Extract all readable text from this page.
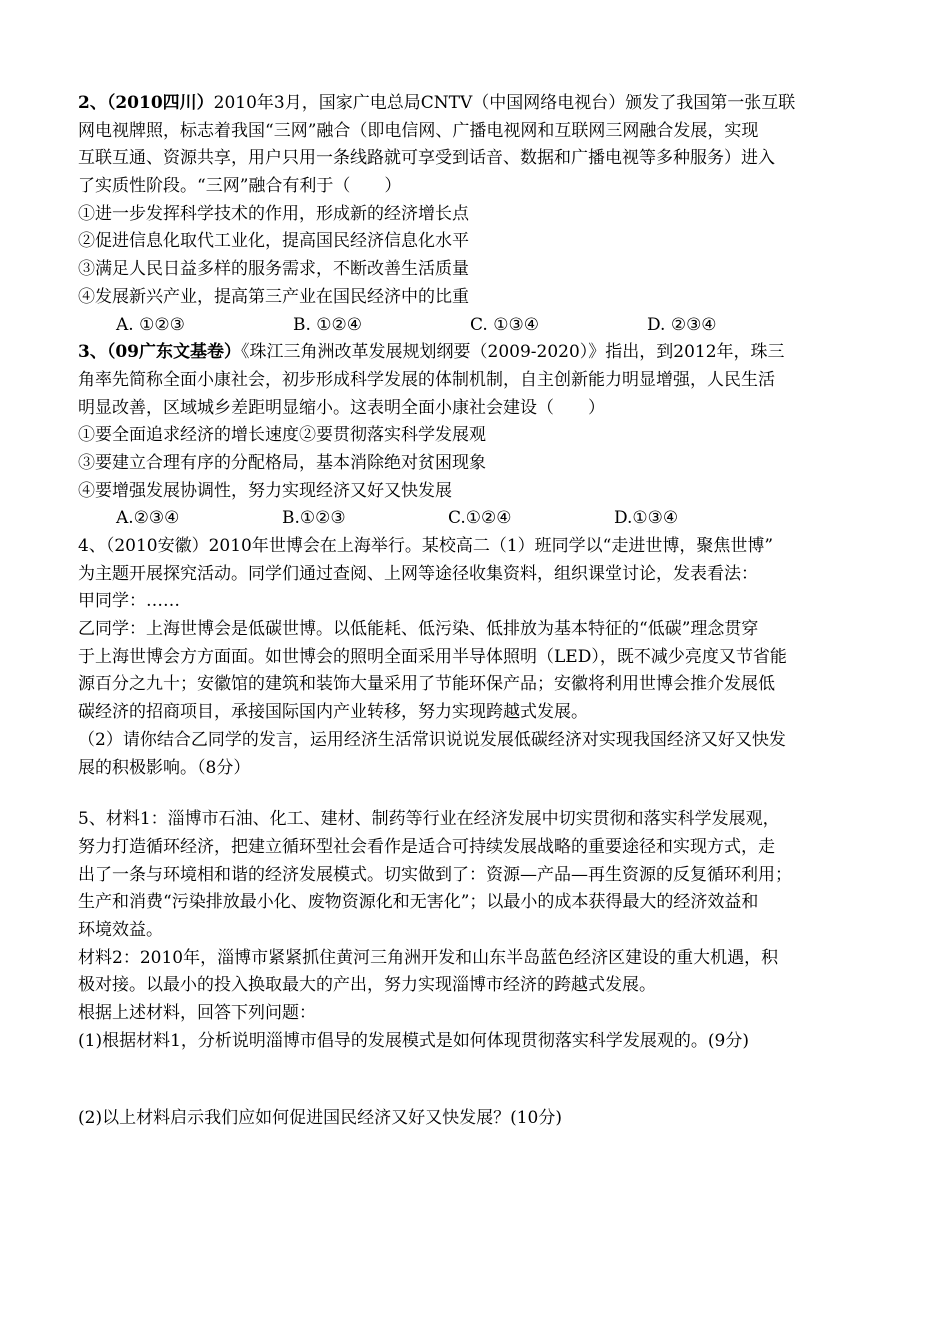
2、（2010四川）2010年3月，国家广电总局CNTV（中国网络电视台）颁发了我国第一张互联
网电视牌照，标志着我国“三网”融合（即电信网、广播电视网和互联网三网融合发展，实现
互联互通、资源共享，用户只用一条线路就可享受到话音、数据和广播电视等多种服务）进入
了实质性阶段。“三网”融合有利于（　　）
①进一步发挥科学技术的作用，形成新的经济增长点
②促进信息化取代工业化，提高国民经济信息化水平
③满足人民日益多样的服务需求，不断改善生活质量
④发展新兴产业，提高第三产业在国民经济中的比重
A. ①②③	B. ①②④	C. ①③④	D. ②③④
3、（09广东文基卷）《珠江三角洲改革发展规划纲要（2009-2020）》指出，到2012年，珠三
角率先简称全面小康社会，初步形成科学发展的体制机制，自主创新能力明显增强，人民生活
明显改善，区域城乡差距明显缩小。这表明全面小康社会建设（　　）
①要全面追求经济的增长速度②要贯彻落实科学发展观
③要建立合理有序的分配格局，基本消除绝对贫困现象
④要增强发展协调性，努力实现经济又好又快发展
A.②③④	B.①②③	C.①②④	D.①③④
4、（2010安徽）2010年世博会在上海举行。某校高二（1）班同学以“走进世博，聚焦世博”
为主题开展探究活动。同学们通过查阅、上网等途径收集资料，组织课堂讨论，发表看法：
甲同学：……
乙同学：上海世博会是低碳世博。以低能耗、低污染、低排放为基本特征的“低碳”理念贯穿
于上海世博会方方面面。如世博会的照明全面采用半导体照明（LED），既不减少亮度又节省能
源百分之九十；安徽馆的建筑和装饰大量采用了节能环保产品；安徽将利用世博会推介发展低
碳经济的招商项目，承接国际国内产业转移，努力实现跨越式发展。
（2）请你结合乙同学的发言，运用经济生活常识说说发展低碳经济对实现我国经济又好又快发
展的积极影响。（8分）
5、材料1：淄博市石油、化工、建材、制药等行业在经济发展中切实贯彻和落实科学发展观，
努力打造循环经济，把建立循环型社会看作是适合可持续发展战略的重要途径和实现方式，走
出了一条与环境相和谐的经济发展模式。切实做到了：资源—产品—再生资源的反复循环利用；
生产和消费“污染排放最小化、废物资源化和无害化”；以最小的成本获得最大的经济效益和
环境效益。
材料2：2010年，淄博市紧紧抓住黄河三角洲开发和山东半岛蓝色经济区建设的重大机遇，积
极对接。以最小的投入换取最大的产出，努力实现淄博市经济的跨越式发展。
根据上述材料，回答下列问题：
(1)根据材料1，分析说明淄博市倡导的发展模式是如何体现贯彻落实科学发展观的。(9分)
(2)以上材料启示我们应如何促进国民经济又好又快发展？(10分)
